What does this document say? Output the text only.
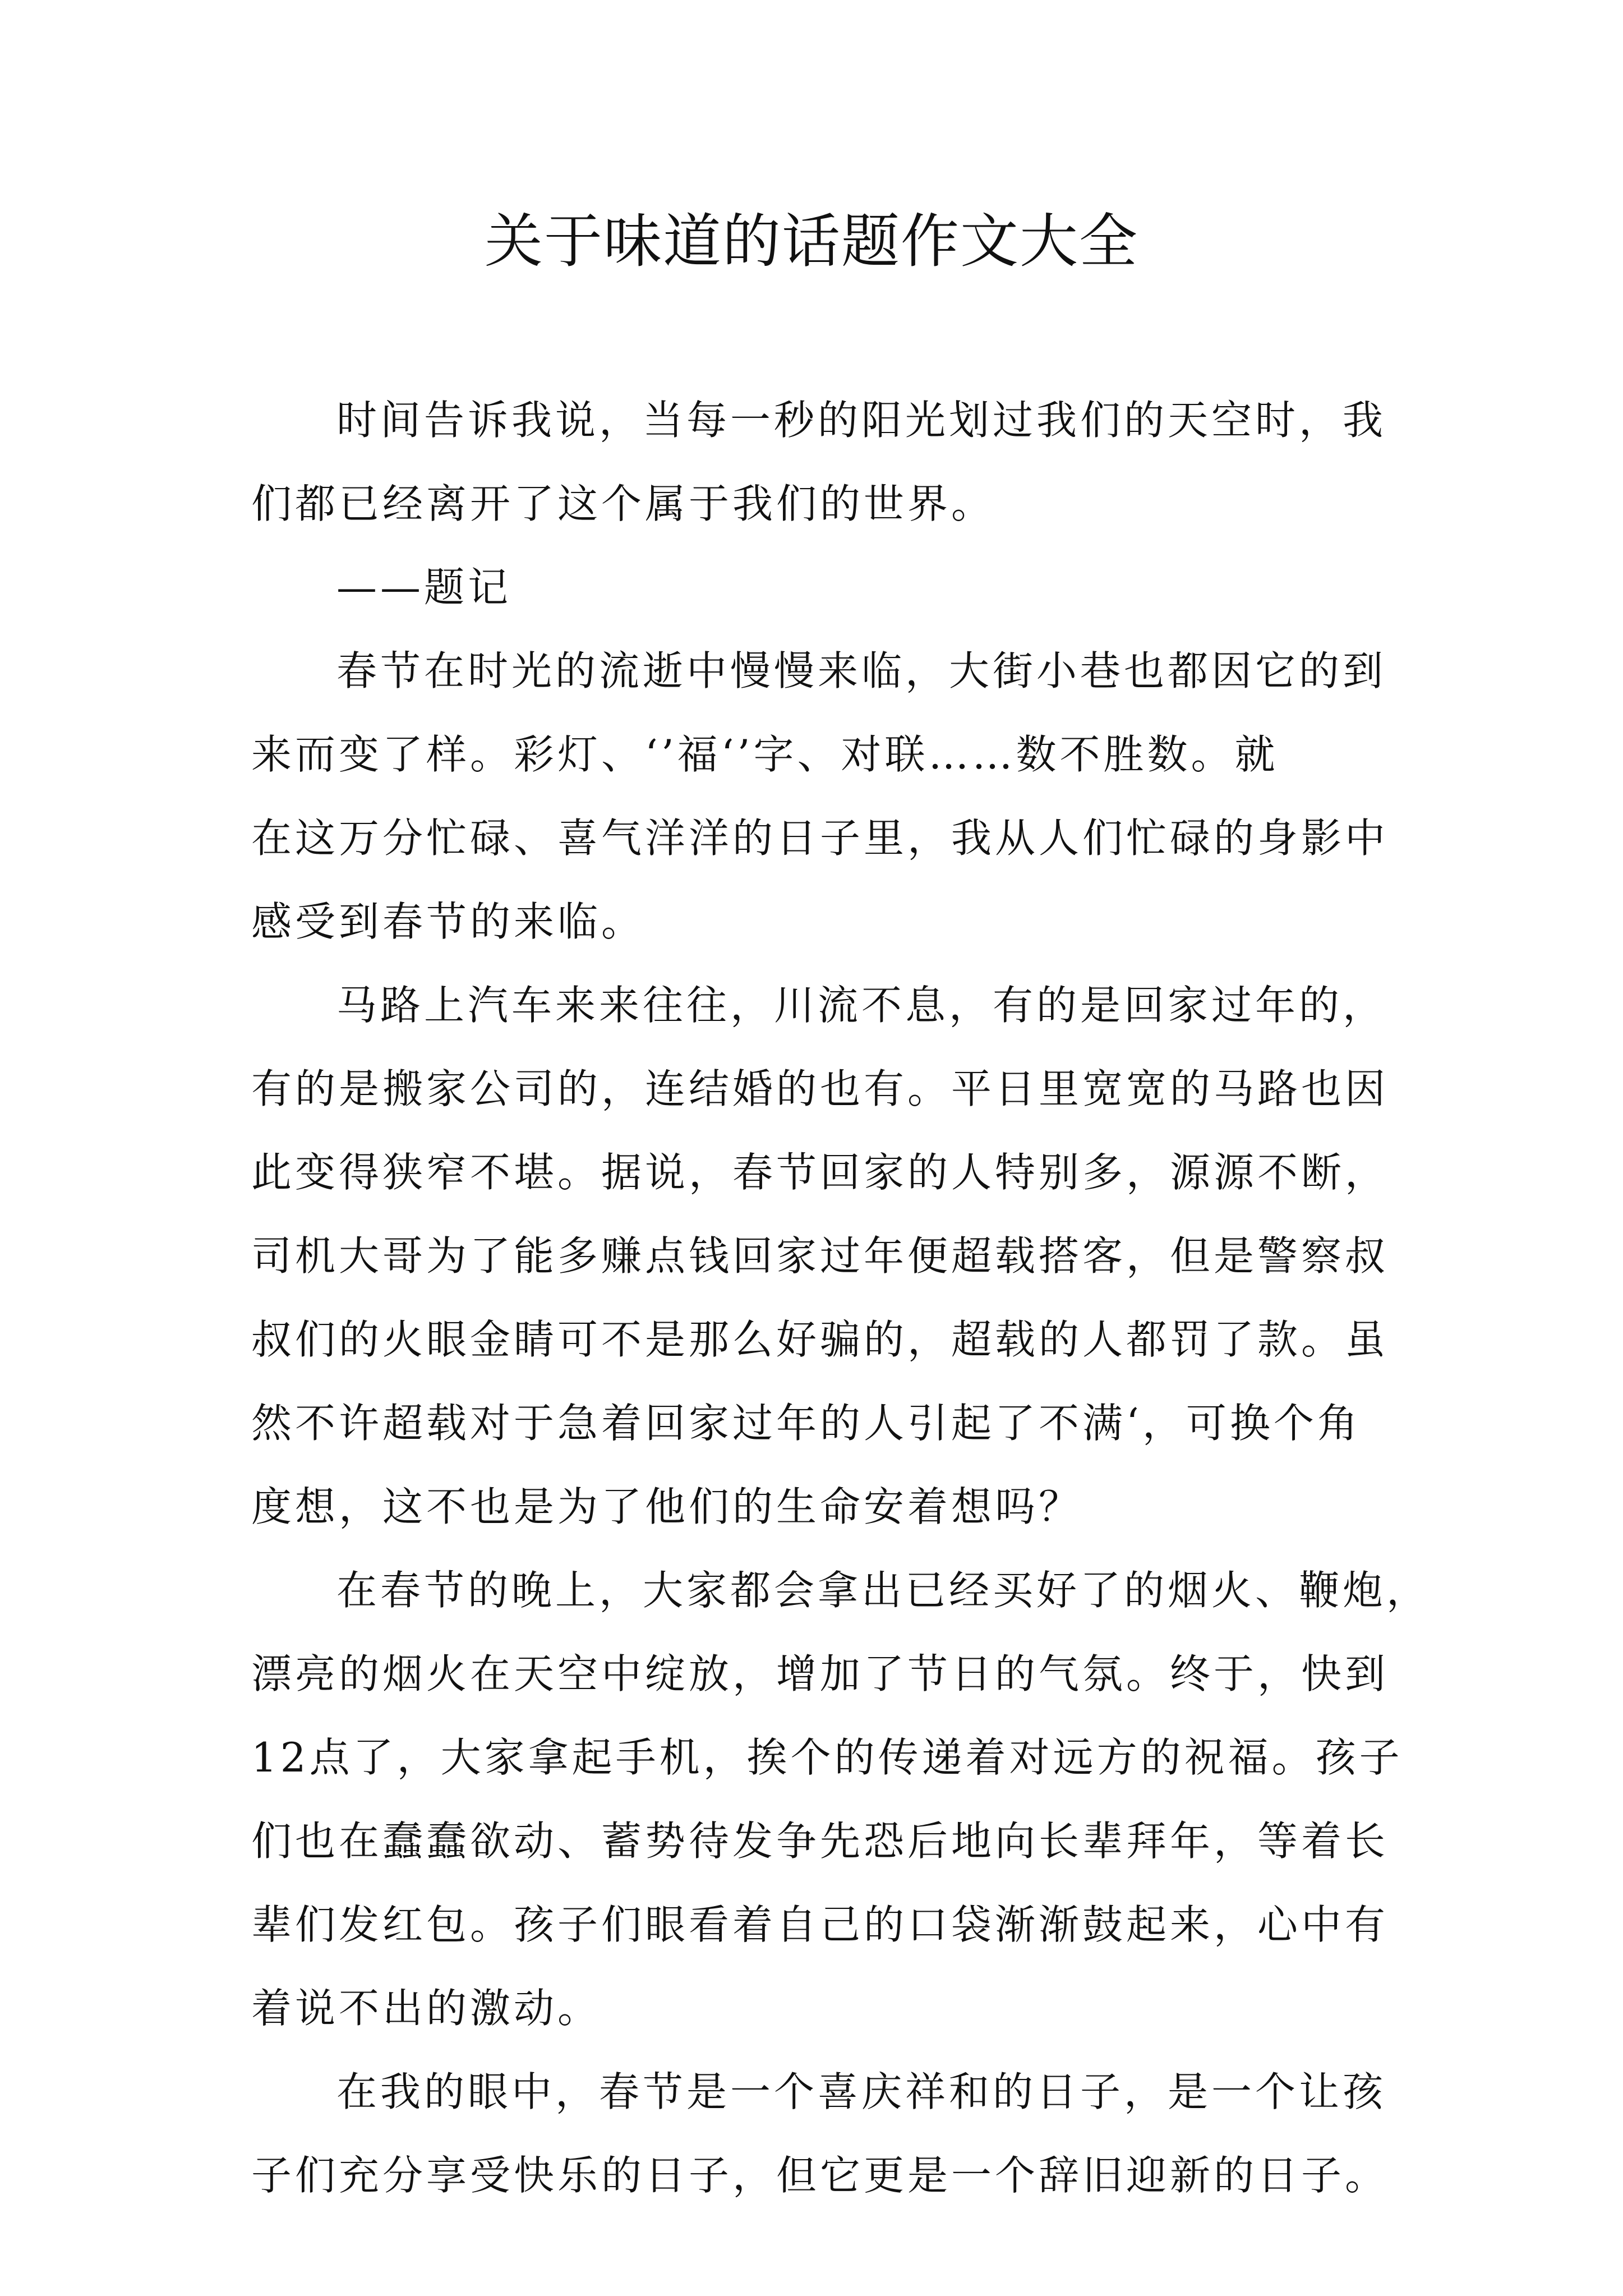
关于味道的话题作文大全
时间告诉我说，当每一秒的阳光划过我们的天空时，我
们都已经离开了这个属于我们的世界。
——题记
春节在时光的流逝中慢慢来临，大街小巷也都因它的到
来而变了样。彩灯、‘’福‘’字、对联……数不胜数。就
在这万分忙碌、喜气洋洋的日子里，我从人们忙碌的身影中
感受到春节的来临。
马路上汽车来来往往，川流不息，有的是回家过年的，
有的是搬家公司的，连结婚的也有。平日里宽宽的马路也因
此变得狭窄不堪。据说，春节回家的人特别多，源源不断，
司机大哥为了能多赚点钱回家过年便超载搭客，但是警察叔
叔们的火眼金睛可不是那么好骗的，超载的人都罚了款。虽
然不许超载对于急着回家过年的人引起了不满‘，可换个角
度想，这不也是为了他们的生命安着想吗？
在春节的晚上，大家都会拿出已经买好了的烟火、鞭炮，
漂亮的烟火在天空中绽放，增加了节日的气氛。终于，快到
12点了，大家拿起手机，挨个的传递着对远方的祝福。孩子
们也在蠢蠢欲动、蓄势待发争先恐后地向长辈拜年，等着长
辈们发红包。孩子们眼看着自己的口袋渐渐鼓起来，心中有
着说不出的激动。
在我的眼中，春节是一个喜庆祥和的日子，是一个让孩
子们充分享受快乐的日子，但它更是一个辞旧迎新的日子。
